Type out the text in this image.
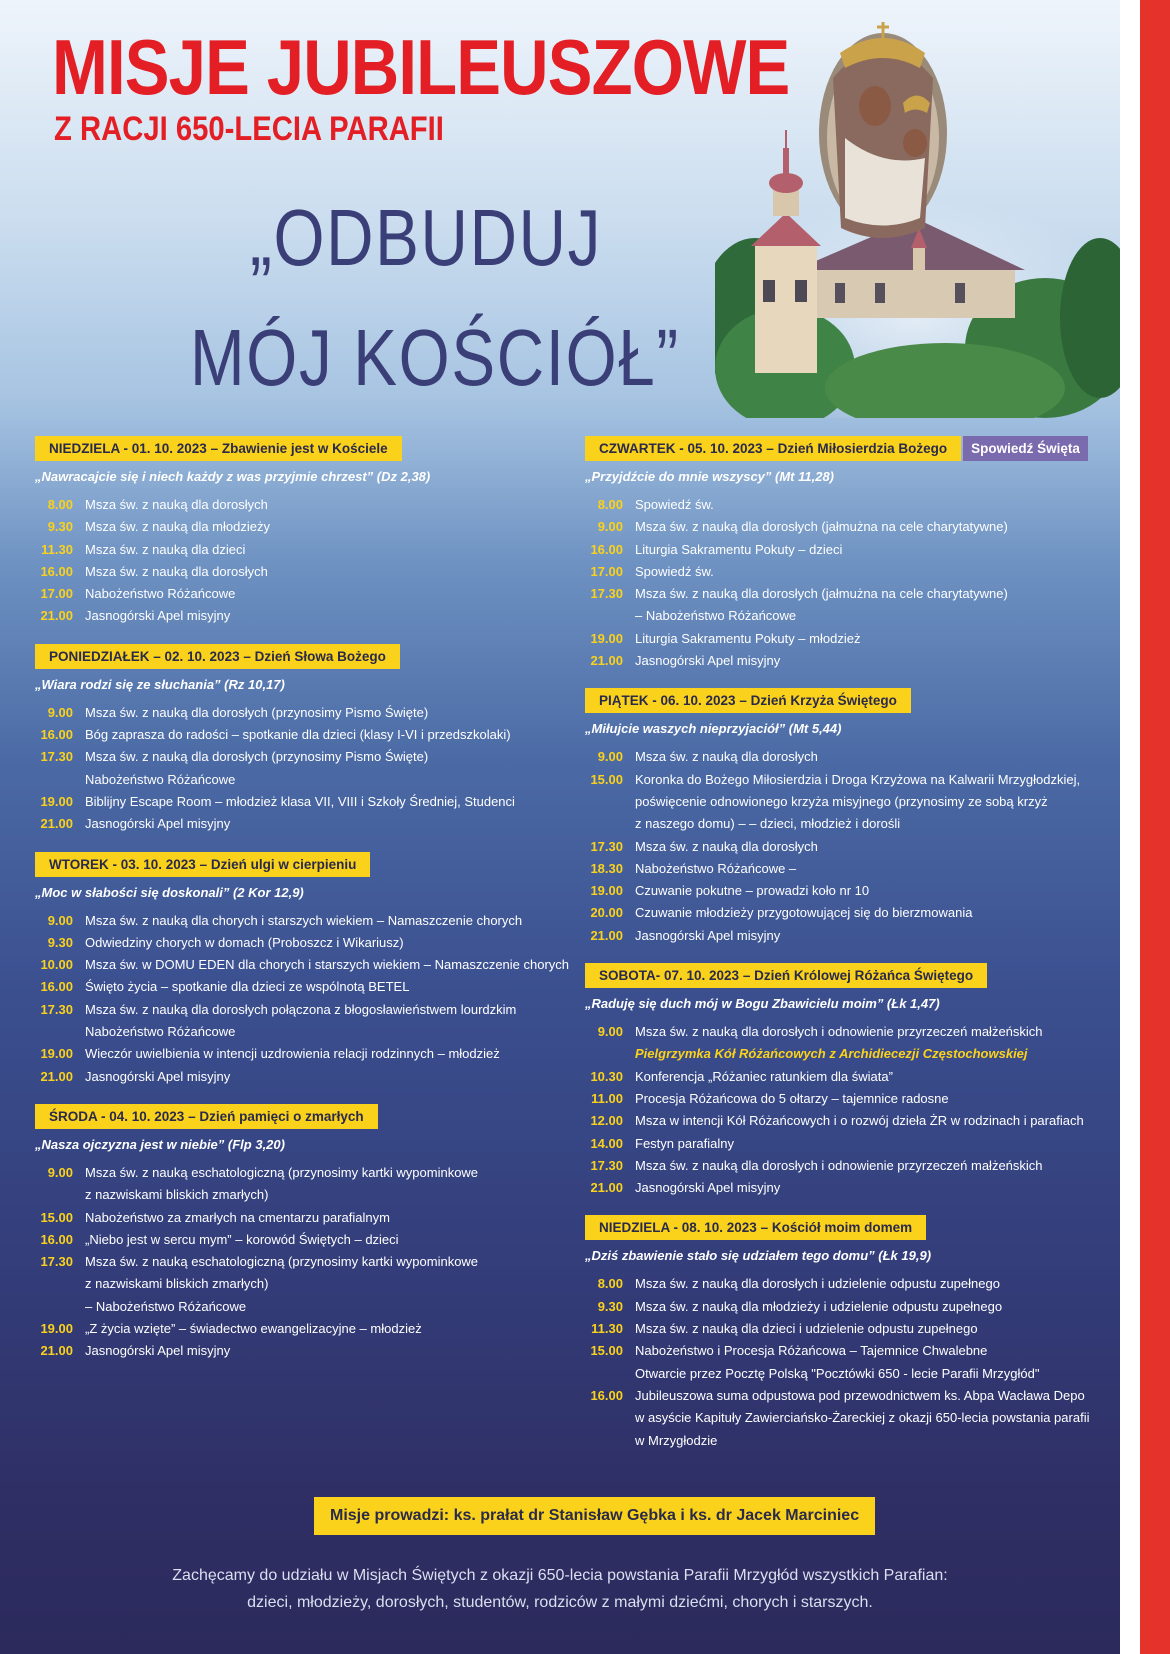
MISJE JUBILEUSZOWE
Z RACJI 650-LECIA PARAFII
„ODBUDUJ
MÓJ KOŚCIÓŁ”
NIEDZIELA - 01. 10. 2023 – Zbawienie jest w Kościele
„Nawracajcie się i niech każdy z was przyjmie chrzest” (Dz 2,38)
8.00 Msza św. z nauką dla dorosłych
9.30 Msza św. z nauką dla młodzieży
11.30 Msza św. z nauką dla dzieci
16.00 Msza św. z nauką dla dorosłych
17.00 Nabożeństwo Różańcowe
21.00 Jasnogórski Apel misyjny
PONIEDZIAŁEK – 02. 10. 2023 – Dzień Słowa Bożego
„Wiara rodzi się ze słuchania” (Rz 10,17)
9.00 Msza św. z nauką dla dorosłych (przynosimy Pismo Święte)
16.00 Bóg zaprasza do radości – spotkanie dla dzieci (klasy I-VI i przedszkolaki)
17.30 Msza św. z nauką dla dorosłych (przynosimy Pismo Święte)
Nabożeństwo Różańcowe
19.00 Biblijny Escape Room – młodzież klasa VII, VIII i Szkoły Średniej, Studenci
21.00 Jasnogórski Apel misyjny
WTOREK - 03. 10. 2023 – Dzień ulgi w cierpieniu
„Moc w słabości się doskonali” (2 Kor 12,9)
9.00 Msza św. z nauką dla chorych i starszych wiekiem – Namaszczenie chorych
9.30 Odwiedziny chorych w domach (Proboszcz i Wikariusz)
10.00 Msza św. w DOMU EDEN dla chorych i starszych wiekiem – Namaszczenie chorych
16.00 Święto życia – spotkanie dla dzieci ze wspólnotą BETEL
17.30 Msza św. z nauką dla dorosłych połączona z błogosławieństwem lourdzkim
Nabożeństwo Różańcowe
19.00 Wieczór uwielbienia w intencji uzdrowienia relacji rodzinnych – młodzież
21.00 Jasnogórski Apel misyjny
ŚRODA - 04. 10. 2023 – Dzień pamięci o zmarłych
„Nasza ojczyzna jest w niebie” (Flp 3,20)
9.00 Msza św. z nauką eschatologiczną (przynosimy kartki wypominkowe
z nazwiskami bliskich zmarłych)
15.00 Nabożeństwo za zmarłych na cmentarzu parafialnym
16.00 „Niebo jest w sercu mym” – korowód Świętych – dzieci
17.30 Msza św. z nauką eschatologiczną (przynosimy kartki wypominkowe
z nazwiskami bliskich zmarłych)
– Nabożeństwo Różańcowe
19.00 „Z życia wzięte” – świadectwo ewangelizacyjne – młodzież
21.00 Jasnogórski Apel misyjny
CZWARTEK - 05. 10. 2023 – Dzień Miłosierdzia Bożego Spowiedź Święta
„Przyjdźcie do mnie wszyscy” (Mt 11,28)
8.00 Spowiedź św.
9.00 Msza św. z nauką dla dorosłych (jałmużna na cele charytatywne)
16.00 Liturgia Sakramentu Pokuty – dzieci
17.00 Spowiedź św.
17.30 Msza św. z nauką dla dorosłych (jałmużna na cele charytatywne)
– Nabożeństwo Różańcowe
19.00 Liturgia Sakramentu Pokuty – młodzież
21.00 Jasnogórski Apel misyjny
PIĄTEK - 06. 10. 2023 – Dzień Krzyża Świętego
„Miłujcie waszych nieprzyjaciół” (Mt 5,44)
9.00 Msza św. z nauką dla dorosłych
15.00 Koronka do Bożego Miłosierdzia i Droga Krzyżowa na Kalwarii Mrzygłodzkiej,
poświęcenie odnowionego krzyża misyjnego (przynosimy ze sobą krzyż
z naszego domu) – – dzieci, młodzież i dorośli
17.30 Msza św. z nauką dla dorosłych
18.30 Nabożeństwo Różańcowe –
19.00 Czuwanie pokutne – prowadzi koło nr 10
20.00 Czuwanie młodzieży przygotowującej się do bierzmowania
21.00 Jasnogórski Apel misyjny
SOBOTA- 07. 10. 2023 – Dzień Królowej Różańca Świętego
„Raduję się duch mój w Bogu Zbawicielu moim” (Łk 1,47)
9.00 Msza św. z nauką dla dorosłych i odnowienie przyrzeczeń małżeńskich
Pielgrzymka Kół Różańcowych z Archidiecezji Częstochowskiej
10.30 Konferencja „Różaniec ratunkiem dla świata”
11.00 Procesja Różańcowa do 5 ołtarzy – tajemnice radosne
12.00 Msza w intencji Kół Różańcowych i o rozwój dzieła ŻR w rodzinach i parafiach
14.00 Festyn parafialny
17.30 Msza św. z nauką dla dorosłych i odnowienie przyrzeczeń małżeńskich
21.00 Jasnogórski Apel misyjny
NIEDZIELA - 08. 10. 2023 – Kościół moim domem
„Dziś zbawienie stało się udziałem tego domu” (Łk 19,9)
8.00 Msza św. z nauką dla dorosłych i udzielenie odpustu zupełnego
9.30 Msza św. z nauką dla młodzieży i udzielenie odpustu zupełnego
11.30 Msza św. z nauką dla dzieci i udzielenie odpustu zupełnego
15.00 Nabożeństwo i Procesja Różańcowa – Tajemnice Chwalebne
Otwarcie przez Pocztę Polską "Pocztówki 650 - lecie Parafii Mrzygłód"
16.00 Jubileuszowa suma odpustowa pod przewodnictwem ks. Abpa Wacława Depo
w asyście Kapituły Zawierciańsko-Żareckiej z okazji 650-lecia powstania parafii
w Mrzygłodzie
Misje prowadzi: ks. prałat dr Stanisław Gębka i ks. dr Jacek Marciniec
Zachęcamy do udziału w Misjach Świętych z okazji 650-lecia powstania Parafii Mrzygłód wszystkich Parafian:
dzieci, młodzieży, dorosłych, studentów, rodziców z małymi dziećmi, chorych i starszych.
